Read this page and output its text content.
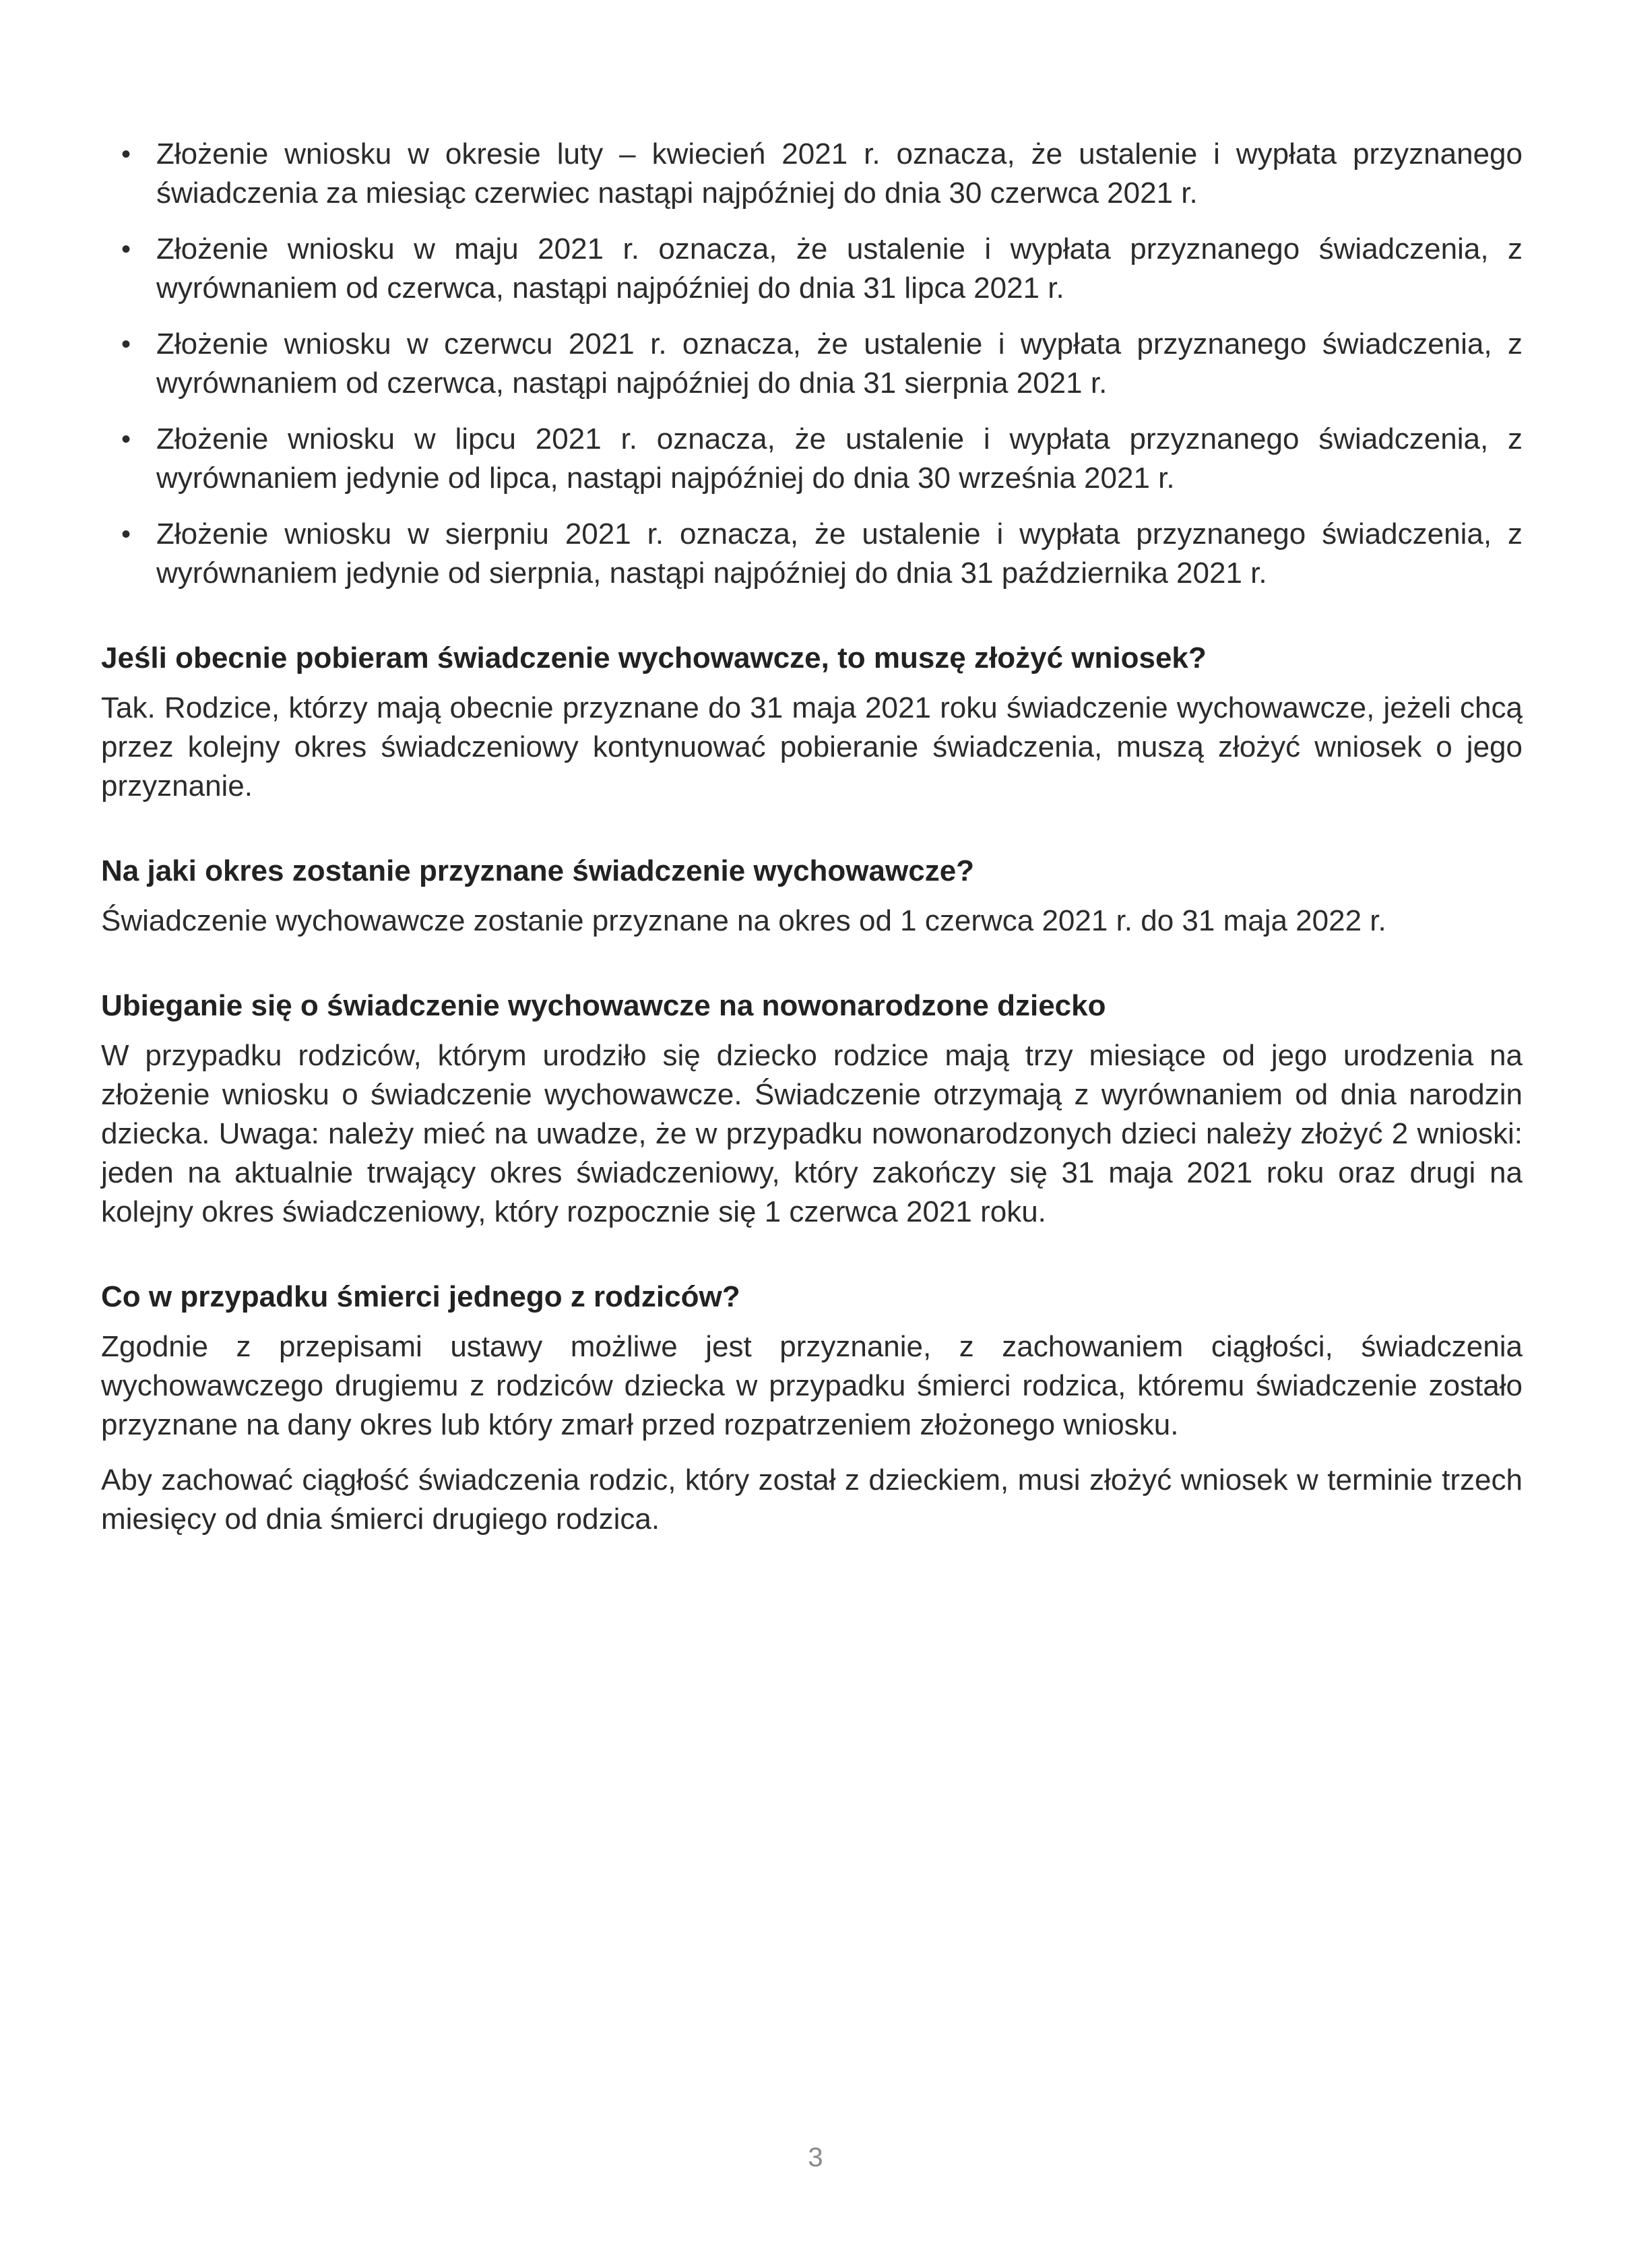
• Złożenie wniosku w okresie luty – kwiecień 2021 r. oznacza, że ustalenie i wypłata przyznanego świadczenia za miesiąc czerwiec nastąpi najpóźniej do dnia 30 czerwca 2021 r.
• Złożenie wniosku w maju 2021 r. oznacza, że ustalenie i wypłata przyznanego świadczenia, z wyrównaniem od czerwca, nastąpi najpóźniej do dnia 31 lipca 2021 r.
• Złożenie wniosku w czerwcu 2021 r. oznacza, że ustalenie i wypłata przyznanego świadczenia, z wyrównaniem od czerwca, nastąpi najpóźniej do dnia 31 sierpnia 2021 r.
• Złożenie wniosku w lipcu 2021 r. oznacza, że ustalenie i wypłata przyznanego świadczenia, z wyrównaniem jedynie od lipca, nastąpi najpóźniej do dnia 30 września 2021 r.
• Złożenie wniosku w sierpniu 2021 r. oznacza, że ustalenie i wypłata przyznanego świadczenia, z wyrównaniem jedynie od sierpnia, nastąpi najpóźniej do dnia 31 października 2021 r.
Jeśli obecnie pobieram świadczenie wychowawcze, to muszę złożyć wniosek?

Tak. Rodzice, którzy mają obecnie przyznane do 31 maja 2021 roku świadczenie wychowawcze, jeżeli chcą przez kolejny okres świadczeniowy kontynuować pobieranie świadczenia, muszą złożyć wniosek o jego przyznanie.

Na jaki okres zostanie przyznane świadczenie wychowawcze?

Świadczenie wychowawcze zostanie przyznane na okres od 1 czerwca 2021 r. do 31 maja 2022 r.

Ubieganie się o świadczenie wychowawcze na nowonarodzone dziecko

W przypadku rodziców, którym urodziło się dziecko rodzice mają trzy miesiące od jego urodzenia na złożenie wniosku o świadczenie wychowawcze. Świadczenie otrzymają z wyrównaniem od dnia narodzin dziecka. Uwaga: należy mieć na uwadze, że w przypadku nowonarodzonych dzieci należy złożyć 2 wnioski: jeden na aktualnie trwający okres świadczeniowy, który zakończy się 31 maja 2021 roku oraz drugi na kolejny okres świadczeniowy, który rozpocznie się 1 czerwca 2021 roku.

Co w przypadku śmierci jednego z rodziców?

Zgodnie z przepisami ustawy możliwe jest przyznanie, z zachowaniem ciągłości, świadczenia wychowawczego drugiemu z rodziców dziecka w przypadku śmierci rodzica, któremu świadczenie zostało przyznane na dany okres lub który zmarł przed rozpatrzeniem złożonego wniosku.

Aby zachować ciągłość świadczenia rodzic, który został z dzieckiem, musi złożyć wniosek w terminie trzech miesięcy od dnia śmierci drugiego rodzica.

3
